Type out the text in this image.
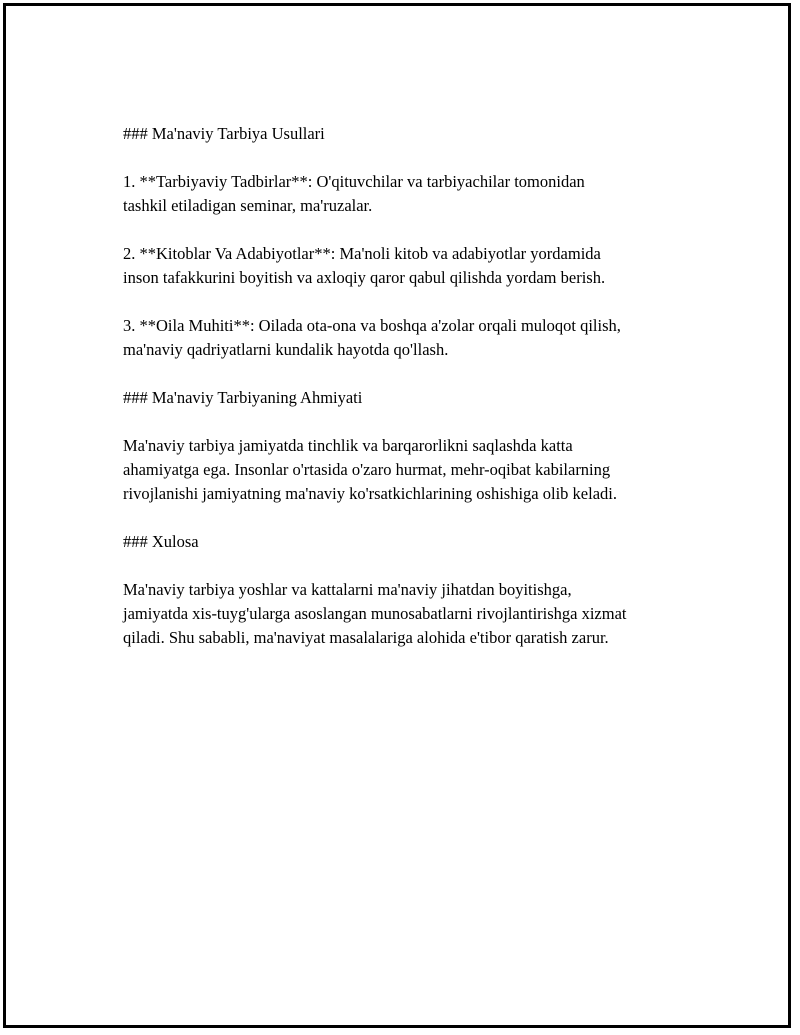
### Ma'naviy Tarbiya Usullari
1. **Tarbiyaviy Tadbirlar**: O'qituvchilar va tarbiyachilar tomonidan
tashkil etiladigan seminar, ma'ruzalar.
2. **Kitoblar Va Adabiyotlar**: Ma'noli kitob va adabiyotlar yordamida
inson tafakkurini boyitish va axloqiy qaror qabul qilishda yordam berish.
3. **Oila Muhiti**: Oilada ota-ona va boshqa a'zolar orqali muloqot qilish,
ma'naviy qadriyatlarni kundalik hayotda qo'llash.
### Ma'naviy Tarbiyaning Ahmiyati
Ma'naviy tarbiya jamiyatda tinchlik va barqarorlikni saqlashda katta
ahamiyatga ega. Insonlar o'rtasida o'zaro hurmat, mehr-oqibat kabilarning
rivojlanishi jamiyatning ma'naviy ko'rsatkichlarining oshishiga olib keladi.
### Xulosa
Ma'naviy tarbiya yoshlar va kattalarni ma'naviy jihatdan boyitishga,
jamiyatda xis-tuyg'ularga asoslangan munosabatlarni rivojlantirishga xizmat
qiladi. Shu sababli, ma'naviyat masalalariga alohida e'tibor qaratish zarur.
